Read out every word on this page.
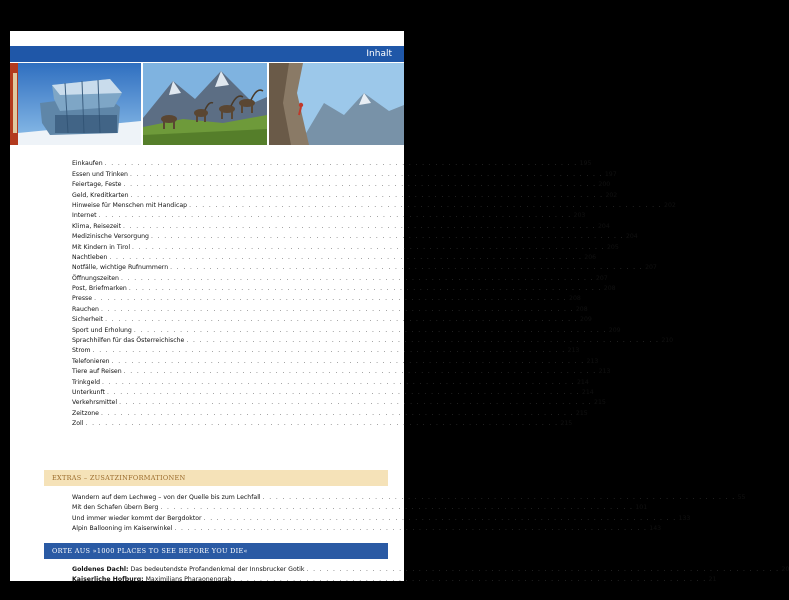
Inhalt
Einkaufen . . . . . . . . . . . . . . . . . . . . . . . . . . . . . . . . . . . . . . . . . . . . . . . . . . . . . . . . . . . . . . . . . . . . . . . . 195
Essen und Trinken . . . . . . . . . . . . . . . . . . . . . . . . . . . . . . . . . . . . . . . . . . . . . . . . . . . . . . . . . . . . . . . . . . . . . . . . 197
Feiertage, Feste . . . . . . . . . . . . . . . . . . . . . . . . . . . . . . . . . . . . . . . . . . . . . . . . . . . . . . . . . . . . . . . . . . . . . . . . 200
Geld, Kreditkarten . . . . . . . . . . . . . . . . . . . . . . . . . . . . . . . . . . . . . . . . . . . . . . . . . . . . . . . . . . . . . . . . . . . . . . . . 202
Hinweise für Menschen mit Handicap . . . . . . . . . . . . . . . . . . . . . . . . . . . . . . . . . . . . . . . . . . . . . . . . . . . . . . . . . . . . . . . . . . . . . . . . 202
Internet . . . . . . . . . . . . . . . . . . . . . . . . . . . . . . . . . . . . . . . . . . . . . . . . . . . . . . . . . . . . . . . . . . . . . . . . 203
Klima, Reisezeit . . . . . . . . . . . . . . . . . . . . . . . . . . . . . . . . . . . . . . . . . . . . . . . . . . . . . . . . . . . . . . . . . . . . . . . . 204
Medizinische Versorgung . . . . . . . . . . . . . . . . . . . . . . . . . . . . . . . . . . . . . . . . . . . . . . . . . . . . . . . . . . . . . . . . . . . . . . . . 204
Mit Kindern in Tirol . . . . . . . . . . . . . . . . . . . . . . . . . . . . . . . . . . . . . . . . . . . . . . . . . . . . . . . . . . . . . . . . . . . . . . . . 205
Nachtleben . . . . . . . . . . . . . . . . . . . . . . . . . . . . . . . . . . . . . . . . . . . . . . . . . . . . . . . . . . . . . . . . . . . . . . . . 206
Notfälle, wichtige Rufnummern . . . . . . . . . . . . . . . . . . . . . . . . . . . . . . . . . . . . . . . . . . . . . . . . . . . . . . . . . . . . . . . . . . . . . . . . 207
Öffnungszeiten . . . . . . . . . . . . . . . . . . . . . . . . . . . . . . . . . . . . . . . . . . . . . . . . . . . . . . . . . . . . . . . . . . . . . . . . 207
Post, Briefmarken . . . . . . . . . . . . . . . . . . . . . . . . . . . . . . . . . . . . . . . . . . . . . . . . . . . . . . . . . . . . . . . . . . . . . . . . 208
Presse . . . . . . . . . . . . . . . . . . . . . . . . . . . . . . . . . . . . . . . . . . . . . . . . . . . . . . . . . . . . . . . . . . . . . . . . 208
Rauchen . . . . . . . . . . . . . . . . . . . . . . . . . . . . . . . . . . . . . . . . . . . . . . . . . . . . . . . . . . . . . . . . . . . . . . . . 208
Sicherheit . . . . . . . . . . . . . . . . . . . . . . . . . . . . . . . . . . . . . . . . . . . . . . . . . . . . . . . . . . . . . . . . . . . . . . . . 209
Sport und Erholung . . . . . . . . . . . . . . . . . . . . . . . . . . . . . . . . . . . . . . . . . . . . . . . . . . . . . . . . . . . . . . . . . . . . . . . . 209
Sprachhilfen für das Österreichische . . . . . . . . . . . . . . . . . . . . . . . . . . . . . . . . . . . . . . . . . . . . . . . . . . . . . . . . . . . . . . . . . . . . . . . . 210
Strom . . . . . . . . . . . . . . . . . . . . . . . . . . . . . . . . . . . . . . . . . . . . . . . . . . . . . . . . . . . . . . . . . . . . . . . . 213
Telefonieren . . . . . . . . . . . . . . . . . . . . . . . . . . . . . . . . . . . . . . . . . . . . . . . . . . . . . . . . . . . . . . . . . . . . . . . . 213
Tiere auf Reisen . . . . . . . . . . . . . . . . . . . . . . . . . . . . . . . . . . . . . . . . . . . . . . . . . . . . . . . . . . . . . . . . . . . . . . . . 213
Trinkgeld . . . . . . . . . . . . . . . . . . . . . . . . . . . . . . . . . . . . . . . . . . . . . . . . . . . . . . . . . . . . . . . . . . . . . . . . 214
Unterkunft . . . . . . . . . . . . . . . . . . . . . . . . . . . . . . . . . . . . . . . . . . . . . . . . . . . . . . . . . . . . . . . . . . . . . . . . 214
Verkehrsmittel . . . . . . . . . . . . . . . . . . . . . . . . . . . . . . . . . . . . . . . . . . . . . . . . . . . . . . . . . . . . . . . . . . . . . . . . 215
Zeitzone . . . . . . . . . . . . . . . . . . . . . . . . . . . . . . . . . . . . . . . . . . . . . . . . . . . . . . . . . . . . . . . . . . . . . . . . 215
Zoll . . . . . . . . . . . . . . . . . . . . . . . . . . . . . . . . . . . . . . . . . . . . . . . . . . . . . . . . . . . . . . . . . . . . . . . . 215
EXTRAS – ZUSATZINFORMATIONEN
Wandern auf dem Lechweg – von der Quelle bis zum Lechfall . . . . . . . . . . . . . . . . . . . . . . . . . . . . . . . . . . . . . . . . . . . . . . . . . . . . . . . . . . . . . . . . . . . . . . . . 55
Mit den Schafen übern Berg . . . . . . . . . . . . . . . . . . . . . . . . . . . . . . . . . . . . . . . . . . . . . . . . . . . . . . . . . . . . . . . . . . . . . . . . 101
Und immer wieder kommt der Bergdoktor . . . . . . . . . . . . . . . . . . . . . . . . . . . . . . . . . . . . . . . . . . . . . . . . . . . . . . . . . . . . . . . . . . . . . . . . 133
Alpin Ballooning im Kaiserwinkel . . . . . . . . . . . . . . . . . . . . . . . . . . . . . . . . . . . . . . . . . . . . . . . . . . . . . . . . . . . . . . . . . . . . . . . . 143
ORTE AUS »1000 PLACES TO SEE BEFORE YOU DIE«
Goldenes Dachl: Das bedeutendste Profandenkmal der Innsbrucker Gotik . . . . . . . . . . . . . . . . . . . . . . . . . . . . . . . . . . . . . . . . . . . . . . . . . . . . . . . . . . . . . . . . . . . . . . . . 20
Kaiserliche Hofburg: Maximilians Pharaonengrab . . . . . . . . . . . . . . . . . . . . . . . . . . . . . . . . . . . . . . . . . . . . . . . . . . . . . . . . . . . . . . . . . . . . . . . . 21
